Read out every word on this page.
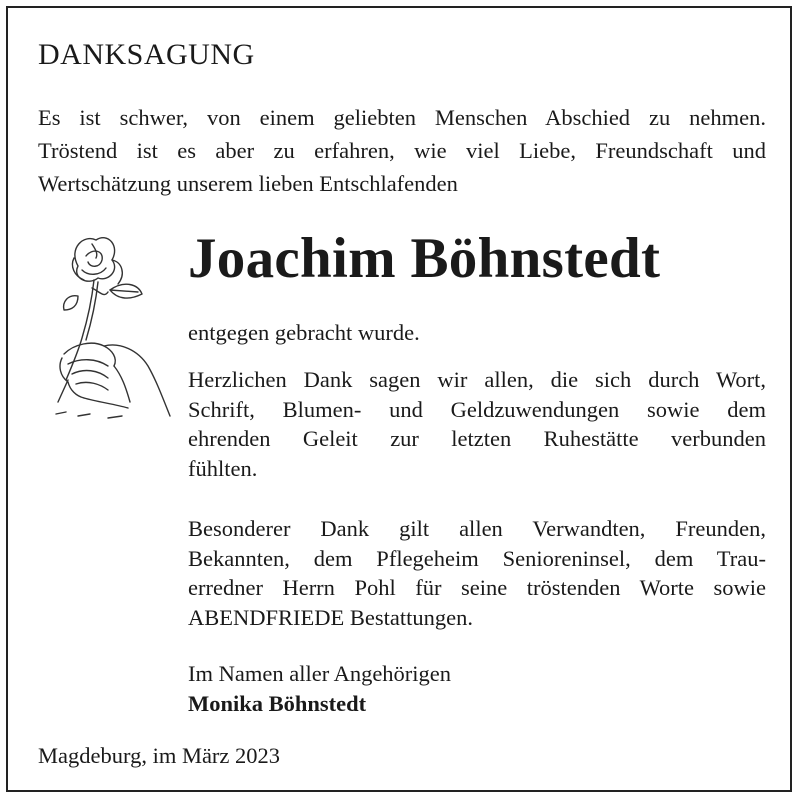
DANKSAGUNG
Es ist schwer, von einem geliebten Menschen Abschied zu nehmen.
Tröstend ist es aber zu erfahren, wie viel Liebe, Freundschaft und
Wertschätzung unserem lieben Entschlafenden
Joachim Böhnstedt
entgegen gebracht wurde.
Herzlichen Dank sagen wir allen, die sich durch Wort,
Schrift, Blumen- und Geldzuwendungen sowie dem
ehrenden Geleit zur letzten Ruhestätte verbunden
fühlten.
Besonderer Dank gilt allen Verwandten, Freunden,
Bekannten, dem Pflegeheim Senioreninsel, dem Trau-
erredner Herrn Pohl für seine tröstenden Worte sowie
ABENDFRIEDE Bestattungen.
Im Namen aller Angehörigen
Monika Böhnstedt
Magdeburg, im März 2023
